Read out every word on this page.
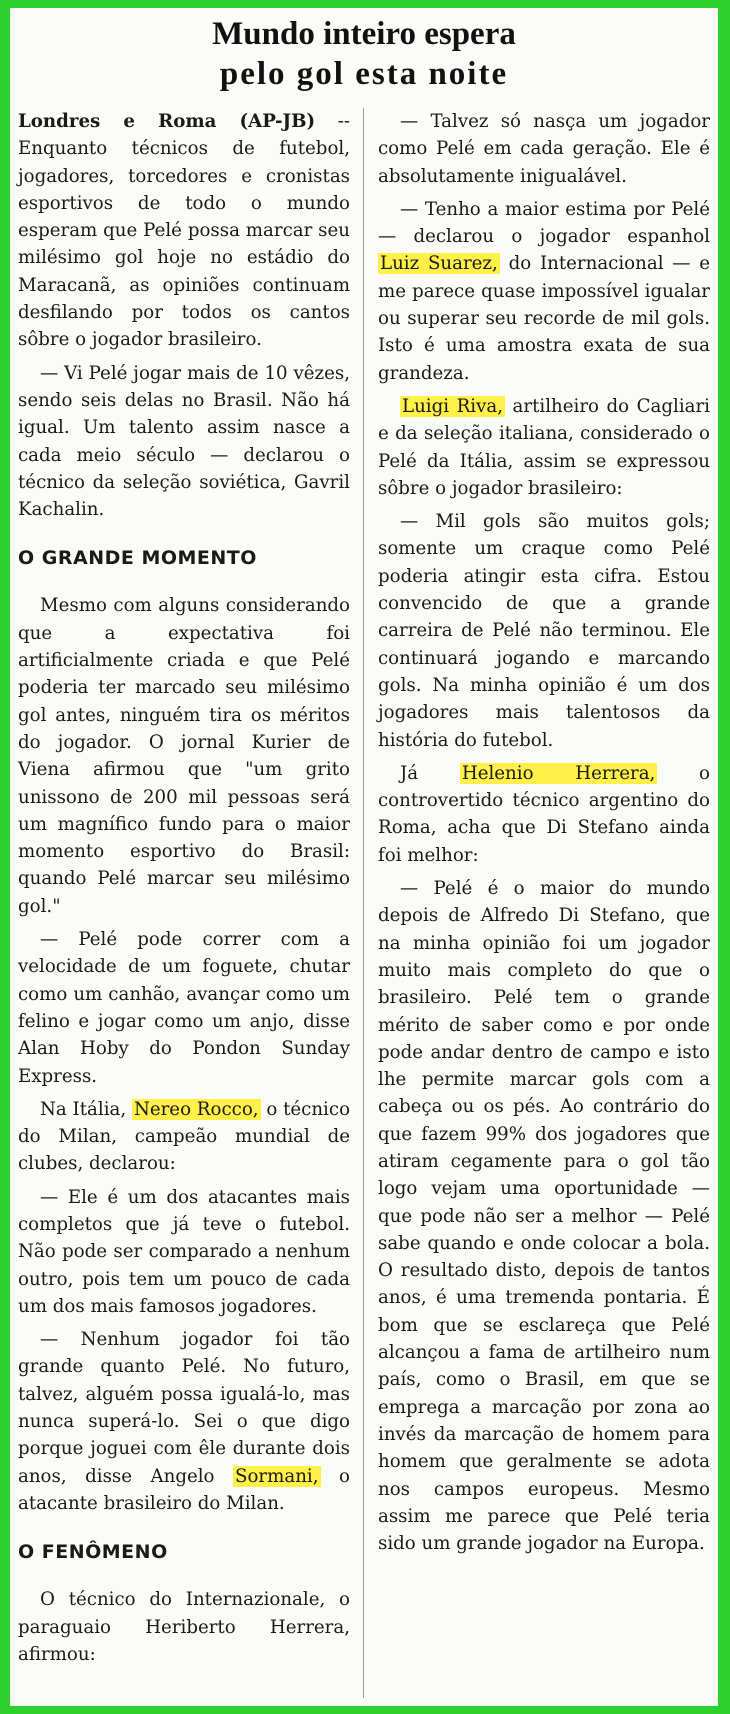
Mundo inteiro espera
pelo gol esta noite

Londres e Roma (AP-JB) -- Enquanto técnicos de futebol, jogadores, torcedores e cronistas esportivos de todo o mundo esperam que Pelé possa marcar seu milésimo gol hoje no estádio do Maracanã, as opiniões continuam desfilando por todos os cantos sôbre o jogador brasileiro.

— Vi Pelé jogar mais de 10 vêzes, sendo seis delas no Brasil. Não há igual. Um talento assim nasce a cada meio século — declarou o técnico da seleção soviética, Gavril Kachalin.

O GRANDE MOMENTO

Mesmo com alguns considerando que a expectativa foi artificialmente criada e que Pelé poderia ter marcado seu milésimo gol antes, ninguém tira os méritos do jogador. O jornal Kurier de Viena afirmou que "um grito unissono de 200 mil pessoas será um magnífico fundo para o maior momento esportivo do Brasil: quando Pelé marcar seu milésimo gol."

— Pelé pode correr com a velocidade de um foguete, chutar como um canhão, avançar como um felino e jogar como um anjo, disse Alan Hoby do Pondon Sunday Express.

Na Itália, Nereo Rocco, o técnico do Milan, campeão mundial de clubes, declarou:

— Ele é um dos atacantes mais completos que já teve o futebol. Não pode ser comparado a nenhum outro, pois tem um pouco de cada um dos mais famosos jogadores.

— Nenhum jogador foi tão grande quanto Pelé. No futuro, talvez, alguém possa igualá-lo, mas nunca superá-lo. Sei o que digo porque joguei com êle durante dois anos, disse Angelo Sormani, o atacante brasileiro do Milan.

O FENÔMENO

O técnico do Internazionale, o paraguaio Heriberto Herrera, afirmou:

— Talvez só nasça um jogador como Pelé em cada geração. Ele é absolutamente inigualável.

— Tenho a maior estima por Pelé — declarou o jogador espanhol Luiz Suarez, do Internacional — e me parece quase impossível igualar ou superar seu recorde de mil gols. Isto é uma amostra exata de sua grandeza.

Luigi Riva, artilheiro do Cagliari e da seleção italiana, considerado o Pelé da Itália, assim se expressou sôbre o jogador brasileiro:

— Mil gols são muitos gols; somente um craque como Pelé poderia atingir esta cifra. Estou convencido de que a grande carreira de Pelé não terminou. Ele continuará jogando e marcando gols. Na minha opinião é um dos jogadores mais talentosos da história do futebol.

Já Helenio Herrera, o controvertido técnico argentino do Roma, acha que Di Stefano ainda foi melhor:

— Pelé é o maior do mundo depois de Alfredo Di Stefano, que na minha opinião foi um jogador muito mais completo do que o brasileiro. Pelé tem o grande mérito de saber como e por onde pode andar dentro de campo e isto lhe permite marcar gols com a cabeça ou os pés. Ao contrário do que fazem 99% dos jogadores que atiram cegamente para o gol tão logo vejam uma oportunidade — que pode não ser a melhor — Pelé sabe quando e onde colocar a bola. O resultado disto, depois de tantos anos, é uma tremenda pontaria. É bom que se esclareça que Pelé alcançou a fama de artilheiro num país, como o Brasil, em que se emprega a marcação por zona ao invés da marcação de homem para homem que geralmente se adota nos campos europeus. Mesmo assim me parece que Pelé teria sido um grande jogador na Europa.
